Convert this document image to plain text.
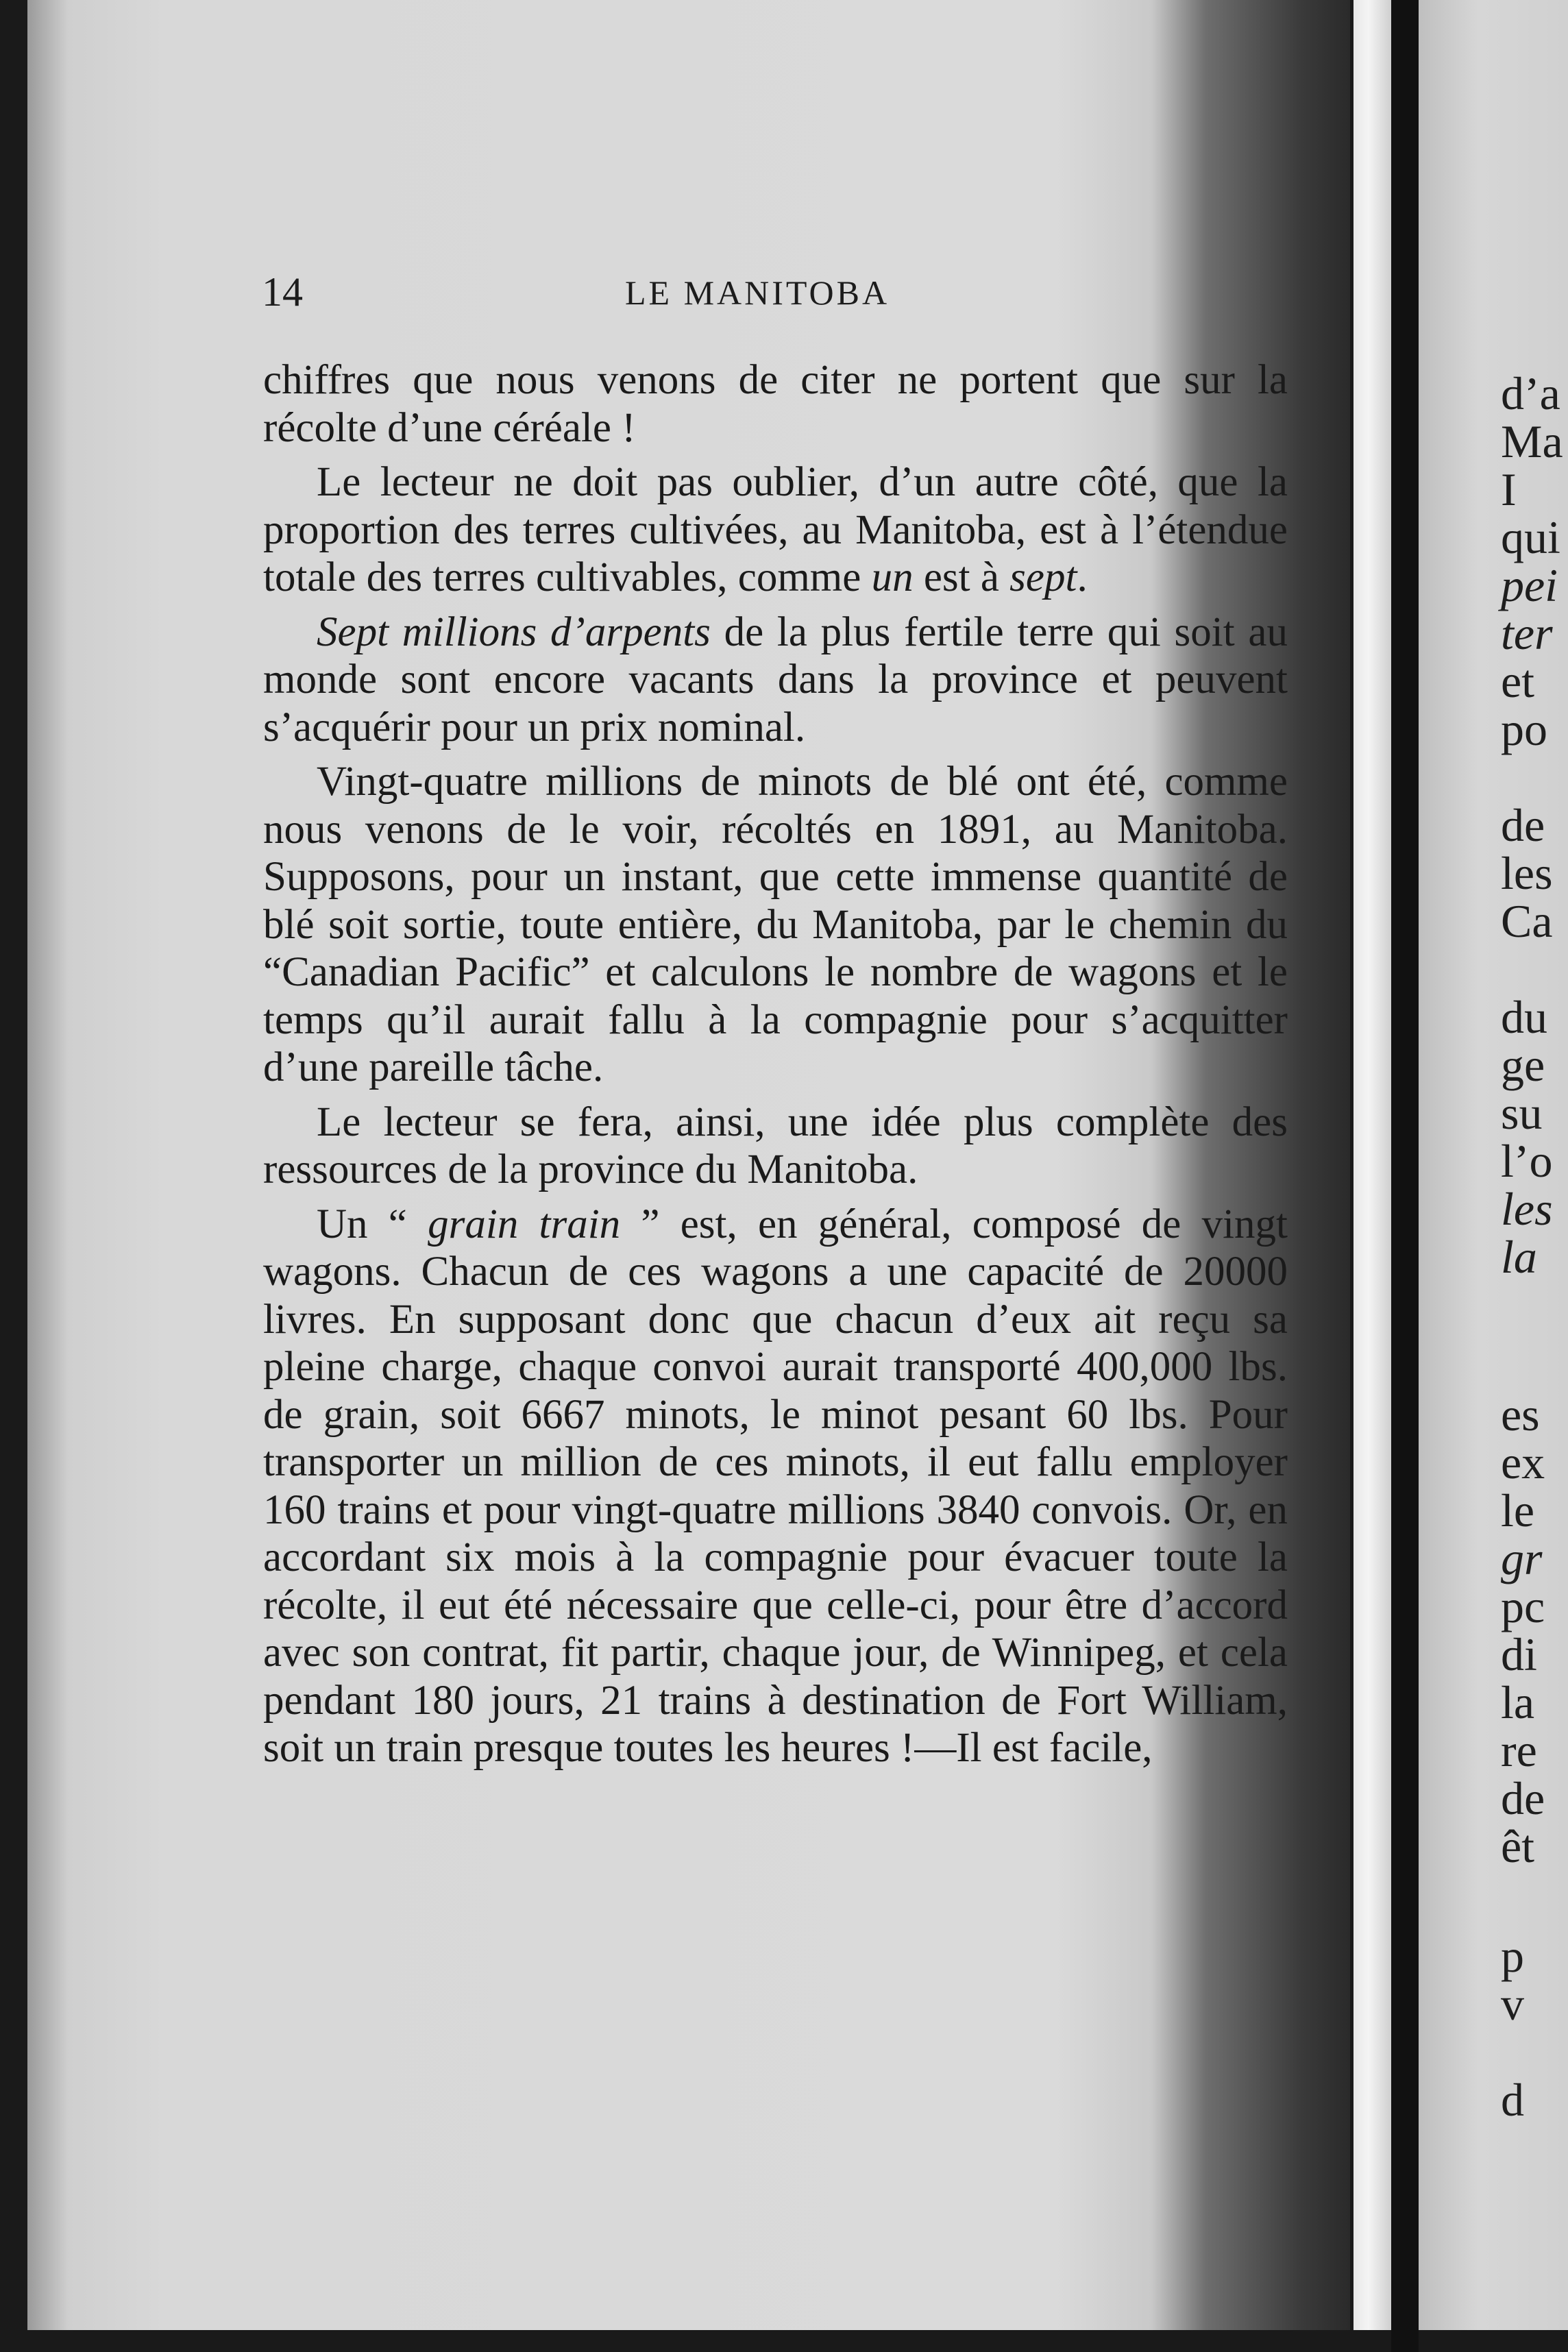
d’a
Ma
I
qui
pei
ter
et
po
de
les
Ca
du
ge
su
l’o
les
la
es
ex
le
gr
pc
di
la
re
de
êt
p
v
d
14	LE MANITOBA

chiffres que nous venons de citer ne portent que sur la récolte d’une céréale !

Le lecteur ne doit pas oublier, d’un autre côté, que la proportion des terres cultivées, au Manitoba, est à l’étendue totale des terres cultivables, comme un est à sept.

Sept millions d’arpents de la plus fertile terre qui soit au monde sont encore vacants dans la province et peuvent s’acquérir pour un prix nominal.

Vingt-quatre millions de minots de blé ont été, comme nous venons de le voir, récoltés en 1891, au Manitoba. Supposons, pour un instant, que cette immense quantité de blé soit sortie, toute entière, du Manitoba, par le chemin du “Canadian Pacific” et calculons le nombre de wagons et le temps qu’il aurait fallu à la compagnie pour s’acquitter d’une pareille tâche.

Le lecteur se fera, ainsi, une idée plus complète des ressources de la province du Manitoba.

Un “ grain train ” est, en général, composé de vingt wagons. Chacun de ces wagons a une capacité de 20000 livres. En supposant donc que chacun d’eux ait reçu sa pleine charge, chaque convoi aurait transporté 400,000 lbs. de grain, soit 6667 minots, le minot pesant 60 lbs. Pour transporter un million de ces minots, il eut fallu employer 160 trains et pour vingt-quatre millions 3840 convois. Or, en accordant six mois à la compagnie pour évacuer toute la récolte, il eut été nécessaire que celle-ci, pour être d’accord avec son contrat, fit partir, chaque jour, de Winnipeg, et cela pendant 180 jours, 21 trains à destination de Fort William, soit un train presque toutes les heures !—Il est facile,
